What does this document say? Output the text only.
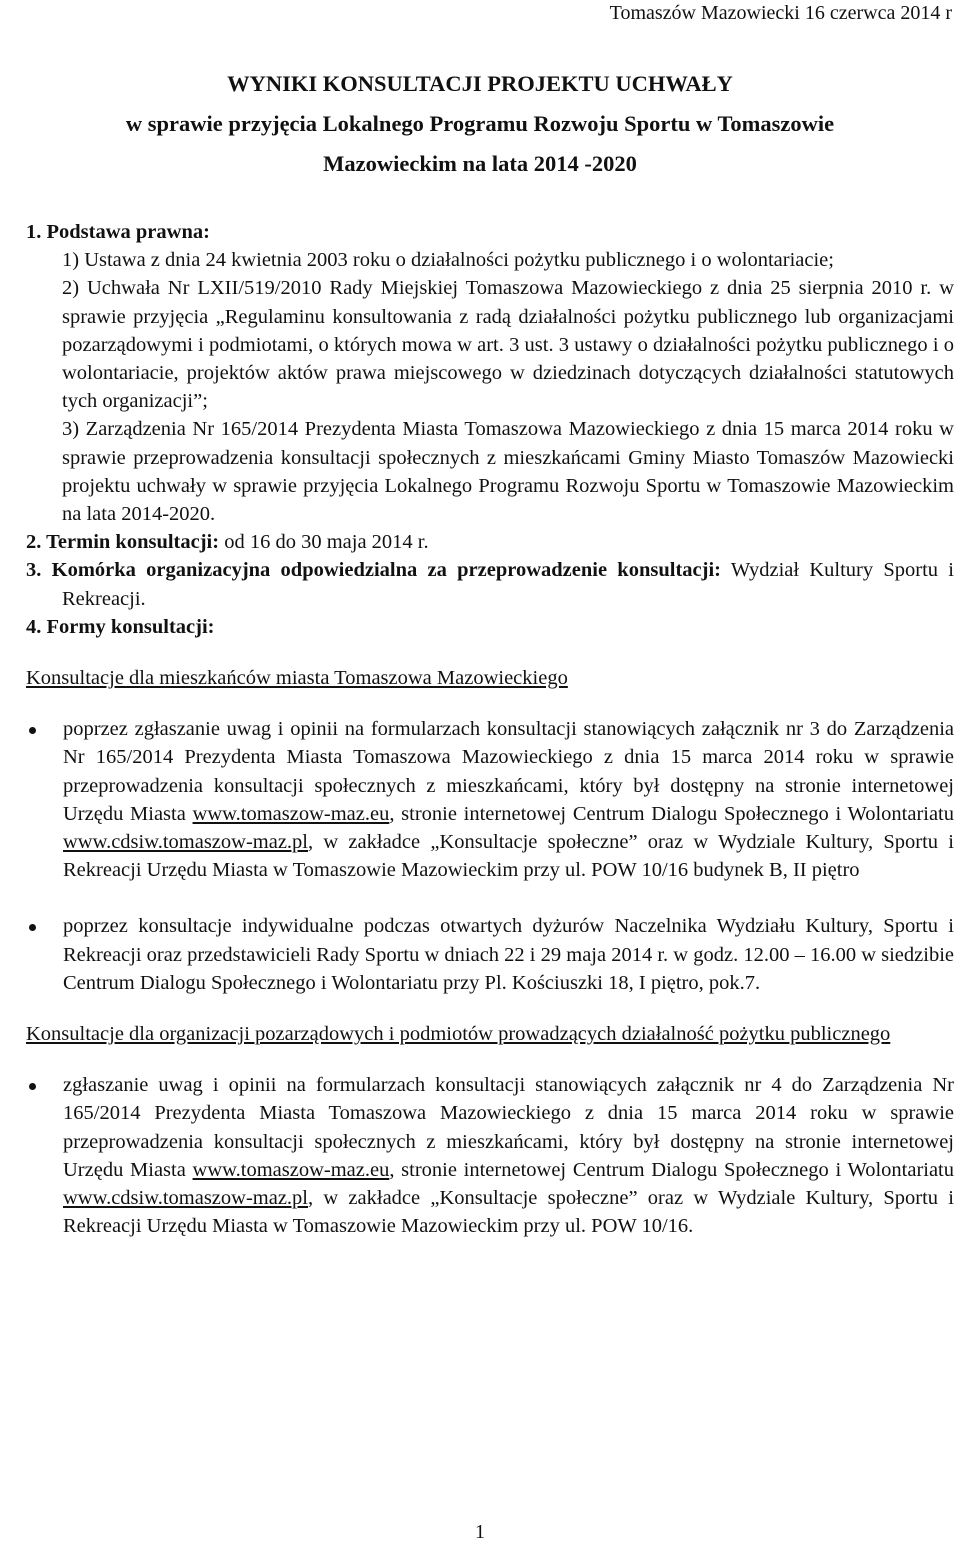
Tomaszów Mazowiecki 16 czerwca 2014 r
WYNIKI KONSULTACJI PROJEKTU UCHWAŁY
w sprawie przyjęcia Lokalnego Programu Rozwoju Sportu w Tomaszowie
Mazowieckim na lata 2014 -2020

1. Podstawa prawna:

1) Ustawa z dnia 24 kwietnia 2003 roku o działalności pożytku publicznego i o wolontariacie;

2) Uchwała Nr LXII/519/2010 Rady Miejskiej Tomaszowa Mazowieckiego z dnia 25 sierpnia 2010 r. w sprawie przyjęcia „Regulaminu konsultowania z radą działalności pożytku publicznego lub organizacjami pozarządowymi i podmiotami, o których mowa w art. 3 ust. 3 ustawy o działalności pożytku publicznego i o wolontariacie, projektów aktów prawa miejscowego w dziedzinach dotyczących działalności statutowych tych organizacji”;

3) Zarządzenia Nr 165/2014 Prezydenta Miasta Tomaszowa Mazowieckiego z dnia 15 marca 2014 roku w sprawie przeprowadzenia konsultacji społecznych z mieszkańcami Gminy Miasto Tomaszów Mazowiecki projektu uchwały w sprawie przyjęcia Lokalnego Programu Rozwoju Sportu w Tomaszowie Mazowieckim na lata 2014-2020.

2. Termin konsultacji: od 16 do 30 maja 2014 r.

3. Komórka organizacyjna odpowiedzialna za przeprowadzenie konsultacji: Wydział Kultury Sportu i Rekreacji.

4. Formy konsultacji:

Konsultacje dla mieszkańców miasta Tomaszowa Mazowieckiego

poprzez zgłaszanie uwag i opinii na formularzach konsultacji stanowiących załącznik nr 3 do Zarządzenia Nr 165/2014 Prezydenta Miasta Tomaszowa Mazowieckiego z dnia 15 marca 2014 roku w sprawie przeprowadzenia konsultacji społecznych z mieszkańcami, który był dostępny na stronie internetowej Urzędu Miasta www.tomaszow-maz.eu, stronie internetowej Centrum Dialogu Społecznego i Wolontariatu www.cdsiw.tomaszow-maz.pl, w zakładce „Konsultacje społeczne” oraz w Wydziale Kultury, Sportu i Rekreacji Urzędu Miasta w Tomaszowie Mazowieckim przy ul. POW 10/16 budynek B, II piętro
poprzez konsultacje indywidualne podczas otwartych dyżurów Naczelnika Wydziału Kultury, Sportu i Rekreacji oraz przedstawicieli Rady Sportu w dniach 22 i 29 maja 2014 r. w godz. 12.00 – 16.00 w siedzibie Centrum Dialogu Społecznego i Wolontariatu przy Pl. Kościuszki 18, I piętro, pok.7.

Konsultacje dla organizacji pozarządowych i podmiotów prowadzących działalność pożytku publicznego

zgłaszanie uwag i opinii na formularzach konsultacji stanowiących załącznik nr 4 do Zarządzenia Nr 165/2014 Prezydenta Miasta Tomaszowa Mazowieckiego z dnia 15 marca 2014 roku w sprawie przeprowadzenia konsultacji społecznych z mieszkańcami, który był dostępny na stronie internetowej Urzędu Miasta www.tomaszow-maz.eu, stronie internetowej Centrum Dialogu Społecznego i Wolontariatu www.cdsiw.tomaszow-maz.pl, w zakładce „Konsultacje społeczne” oraz w Wydziale Kultury, Sportu i Rekreacji Urzędu Miasta w Tomaszowie Mazowieckim przy ul. POW 10/16.
1
